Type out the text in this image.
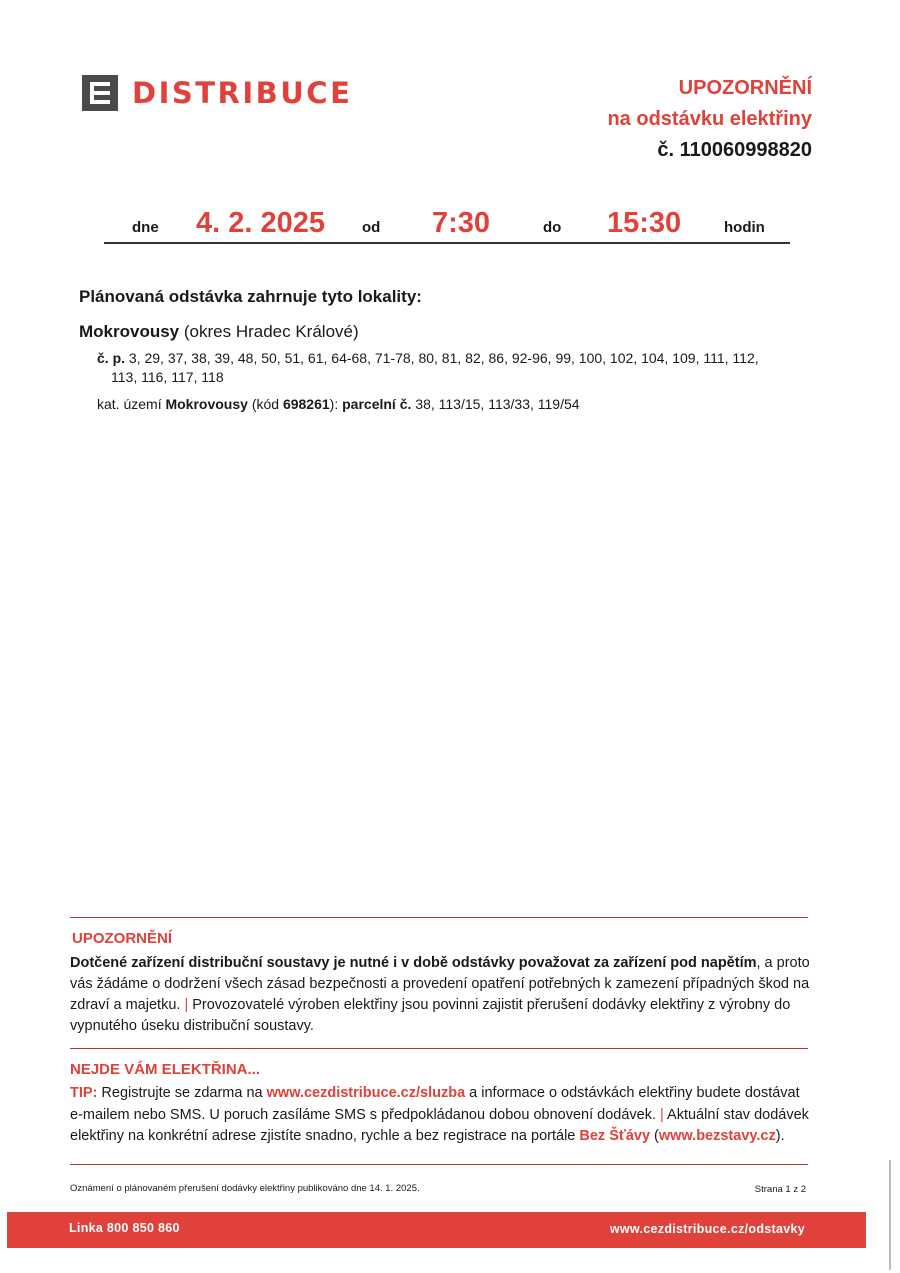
DISTRIBUCE	UPOZORNĚNÍ
na odstávku elektřiny
č. 110060998820
dne 4. 2. 2025 od 7:30	do 15:30	hodin
Plánovaná odstávka zahrnuje tyto lokality:
Mokrovousy (okres Hradec Králové)
č. p. 3, 29, 37, 38, 39, 48, 50, 51, 61, 64-68, 71-78, 80, 81, 82, 86, 92-96, 99, 100, 102, 104, 109, 111, 112,
113, 116, 117, 118
kat. území Mokrovousy (kód 698261): parcelní č. 38, 113/15, 113/33, 119/54
UPOZORNĚNÍ
Dotčené zařízení distribuční soustavy je nutné i v době odstávky považovat za zařízení pod napětím, a proto vás žádáme o dodržení všech zásad bezpečnosti a provedení opatření potřebných k zamezení případných škod na zdraví a majetku. | Provozovatelé výroben elektřiny jsou povinni zajistit přerušení dodávky elektřiny z výrobny do vypnutého úseku distribuční soustavy.
NEJDE VÁM ELEKTŘINA...
TIP: Registrujte se zdarma na www.cezdistribuce.cz/sluzba a informace o odstávkách elektřiny budete dostávat e-mailem nebo SMS. U poruch zasíláme SMS s předpokládanou dobou obnovení dodávek. | Aktuální stav dodávek elektřiny na konkrétní adrese zjistíte snadno, rychle a bez registrace na portále Bez Šťávy (www.bezstavy.cz).
Oznámení o plánovaném přerušení dodávky elektřiny publikováno dne 14. 1. 2025.	Strana 1 z 2
Linka 800 850 860	www.cezdistribuce.cz/odstavky
